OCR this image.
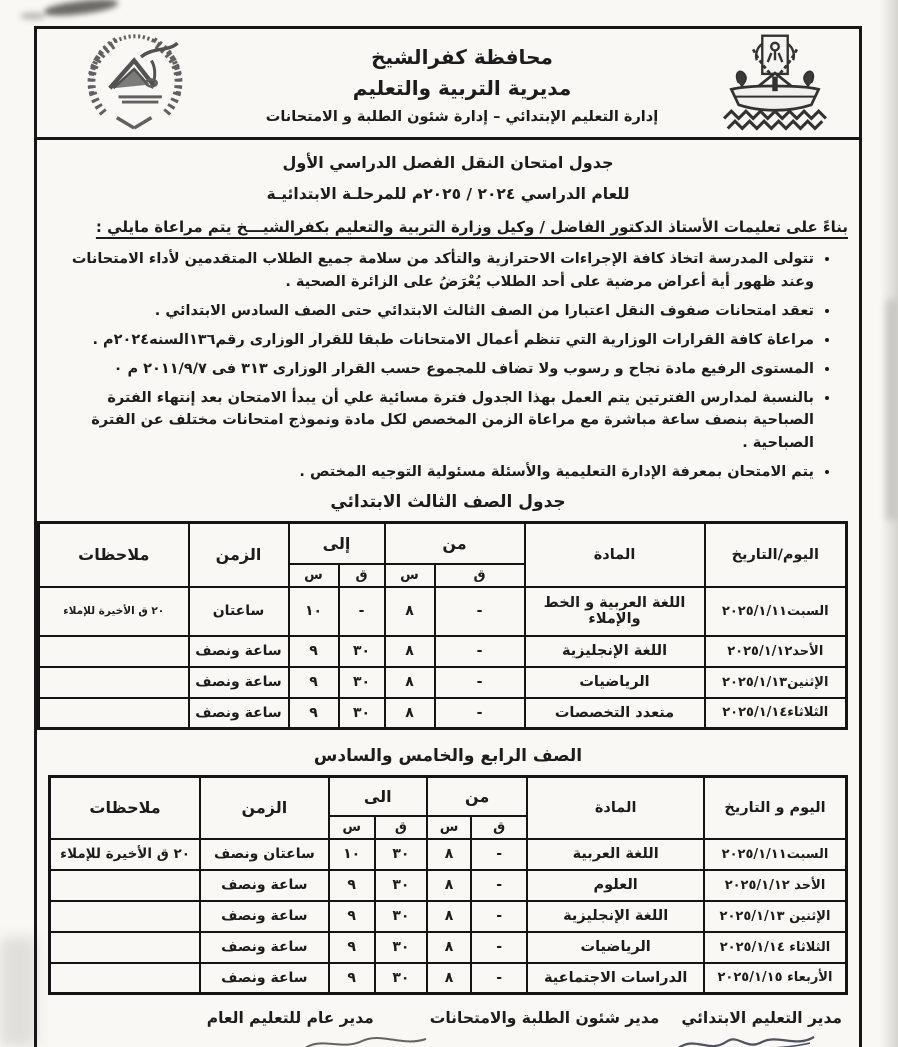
محافظة كفرالشيخ
مديرية التربية والتعليم
إدارة التعليم الإبتدائي – إدارة شئون الطلبة و الامتحانات
جدول امتحان النقل الفصل الدراسي الأول
للعام الدراسي ٢٠٢٤ / ٢٠٢٥م للمرحلـة الابتدائيـة
بناءً على تعليمات الأستاذ الدكتور الفاضل / وكيل وزارة التربية والتعليم بكفرالشيـــخ يتم مراعاة مايلي :
• تتولى المدرسة اتخاذ كافة الإجراءات الاحترازية والتأكد من سلامة جميع الطلاب المتقدمين لأداء الامتحانات وعند ظهور أية أعراض مرضية على أحد الطلاب يُعْرَضُ على الزائرة الصحية .
• تعقد امتحانات صفوف النقل اعتبارا من الصف الثالث الابتدائي حتى الصف السادس الابتدائي .
• مراعاة كافة القرارات الوزارية التي تنظم أعمال الامتحانات طبقا للقرار الوزارى رقم١٣٦السنه٢٠٢٤م .
• المستوى الرفيع مادة نجاح و رسوب ولا تضاف للمجموع حسب القرار الوزارى ٣١٣ فى ٢٠١١/٩/٧ م ٠
• بالنسبة لمدارس الفترتين يتم العمل بهذا الجدول فترة مسائية علي أن يبدأ الامتحان بعد إنتهاء الفترة الصباحية بنصف ساعة مباشرة مع مراعاة الزمن المخصص لكل مادة ونموذج امتحانات مختلف عن الفترة الصباحية .
• يتم الامتحان بمعرفة الإدارة التعليمية والأسئلة مسئولية التوجيه المختص .
جدول الصف الثالث الابتدائي
اليوم/التاريخ	المادة	من		إلى		الزمن	ملاحظات
		ق	س	ق	س		
السبت٢٠٢٥/١/١١	اللغة العربية و الخط والإملاء	-	٨	-	١٠	ساعتان	٢٠ ق الأخيرة للإملاء
الأحد٢٠٢٥/١/١٢	اللغة الإنجليزية	-	٨	٣٠	٩	ساعة ونصف	
الإثنين٢٠٢٥/١/١٣	الرياضيات	-	٨	٣٠	٩	ساعة ونصف	
الثلاثاء٢٠٢٥/١/١٤	متعدد التخصصات	-	٨	٣٠	٩	ساعة ونصف	
الصف الرابع والخامس والسادس
اليوم و التاريخ	المادة	من		الى		الزمن	ملاحظات
		ق	س	ق	س		
السبت٢٠٢٥/١/١١	اللغة العربية	-	٨	٣٠	١٠	ساعتان ونصف	٢٠ ق الأخيرة للإملاء
الأحد ٢٠٢٥/١/١٢	العلوم	-	٨	٣٠	٩	ساعة ونصف	
الإثنين ٢٠٢٥/١/١٣	اللغة الإنجليزية	-	٨	٣٠	٩	ساعة ونصف	
الثلاثاء ٢٠٢٥/١/١٤	الرياضيات	-	٨	٣٠	٩	ساعة ونصف	
الأربعاء ٢٠٢٥/١/١٥	الدراسات الاجتماعية	-	٨	٣٠	٩	ساعة ونصف	
مدير التعليم الابتدائي
مدير شئون الطلبة والامتحانات
مدير عام للتعليم العام
